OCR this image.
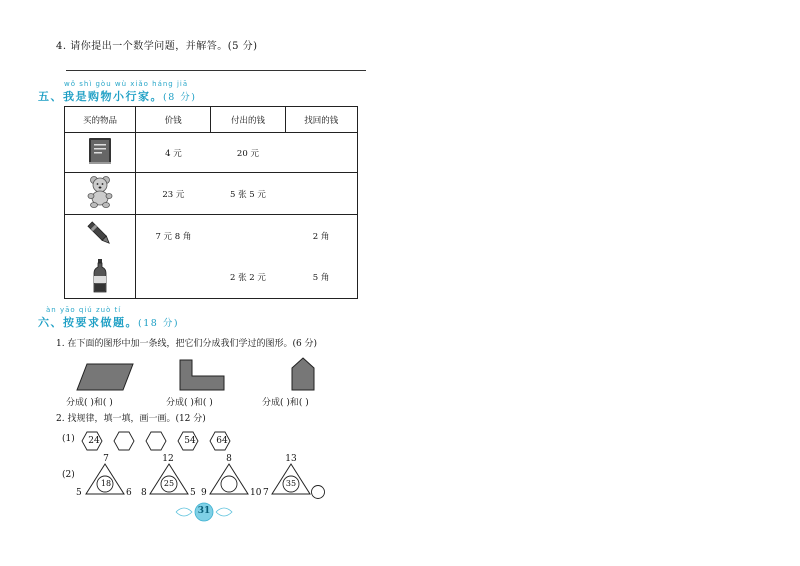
4. 请你提出一个数学问题，并解答。(5 分)
wǒ shì gòu wù xiǎo háng jiā
五、我是购物小行家。(8 分)
买的物品	价钱	付出的钱	找回的钱
	4 元	20 元	
	23 元	5 张 5 元	
	7 元 8 角		2 角
		2 张 2 元	5 角
àn yāo qiú zuò tí
六、按要求做题。(18 分)
1. 在下面的图形中加一条线，把它们分成我们学过的图形。(6 分)
分成( )和( )	分成( )和( )	分成( )和( )
2. 找规律，填一填，画一画。(12 分)
(1)	24	54	64
(2)
7
5	6
18
12
8	5
25
8
9	10
13
7
35
31
